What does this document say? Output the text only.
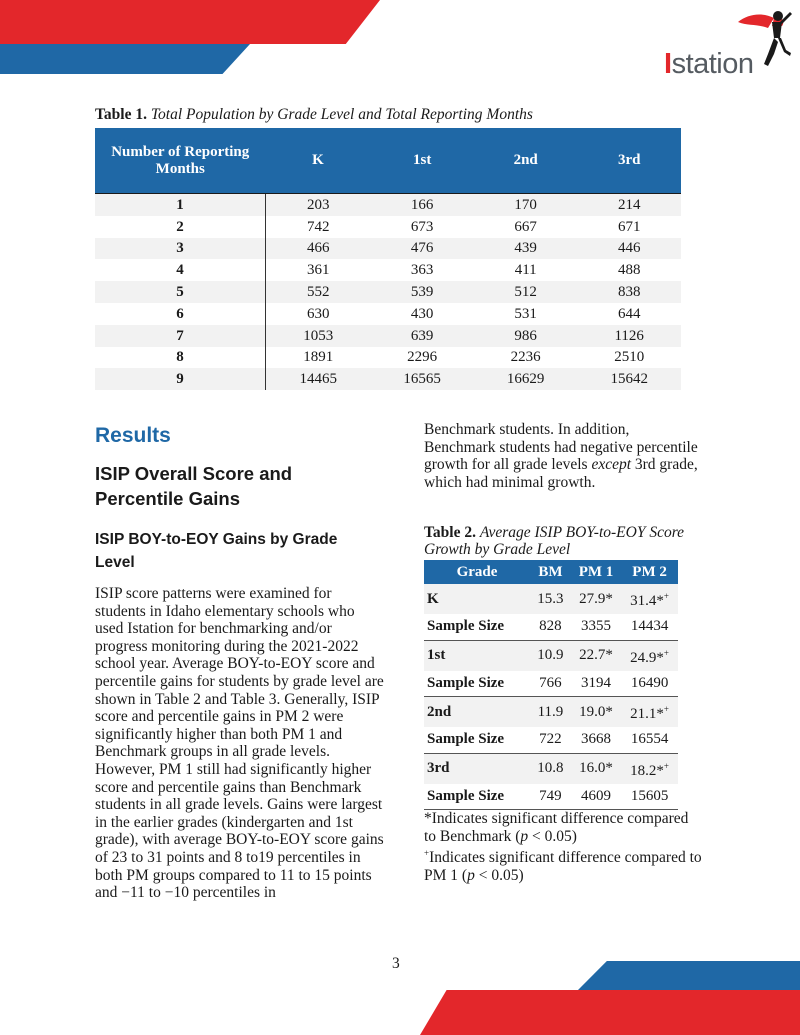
Istation
Table 1. Total Population by Grade Level and Total Reporting Months
Number of Reporting Months	K	1st	2nd	3rd
1	203	166	170	214
2	742	673	667	671
3	466	476	439	446
4	361	363	411	488
5	552	539	512	838
6	630	430	531	644
7	1053	639	986	1126
8	1891	2296	2236	2510
9	14465	16565	16629	15642
Results
ISIP Overall Score and Percentile Gains
ISIP BOY-to-EOY Gains by Grade Level
ISIP score patterns were examined for students in Idaho elementary schools who used Istation for benchmarking and/or progress monitoring during the 2021-2022 school year. Average BOY-to-EOY score and percentile gains for students by grade level are shown in Table 2 and Table 3. Generally, ISIP score and percentile gains in PM 2 were significantly higher than both PM 1 and Benchmark groups in all grade levels. However, PM 1 still had significantly higher score and percentile gains than Benchmark students in all grade levels. Gains were largest in the earlier grades (kindergarten and 1st grade), with average BOY-to-EOY score gains of 23 to 31 points and 8 to19 percentiles in both PM groups compared to 11 to 15 points and −11 to −10 percentiles in
Benchmark students. In addition, Benchmark students had negative percentile growth for all grade levels except 3rd grade, which had minimal growth.
Table 2. Average ISIP BOY-to-EOY Score Growth by Grade Level
Grade	BM	PM 1	PM 2
K	15.3	27.9*	31.4*+
Sample Size	828	3355	14434
1st	10.9	22.7*	24.9*+
Sample Size	766	3194	16490
2nd	11.9	19.0*	21.1*+
Sample Size	722	3668	16554
3rd	10.8	16.0*	18.2*+
Sample Size	749	4609	15605
*Indicates significant difference compared to Benchmark (p < 0.05)
+Indicates significant difference compared to PM 1 (p < 0.05)
3
